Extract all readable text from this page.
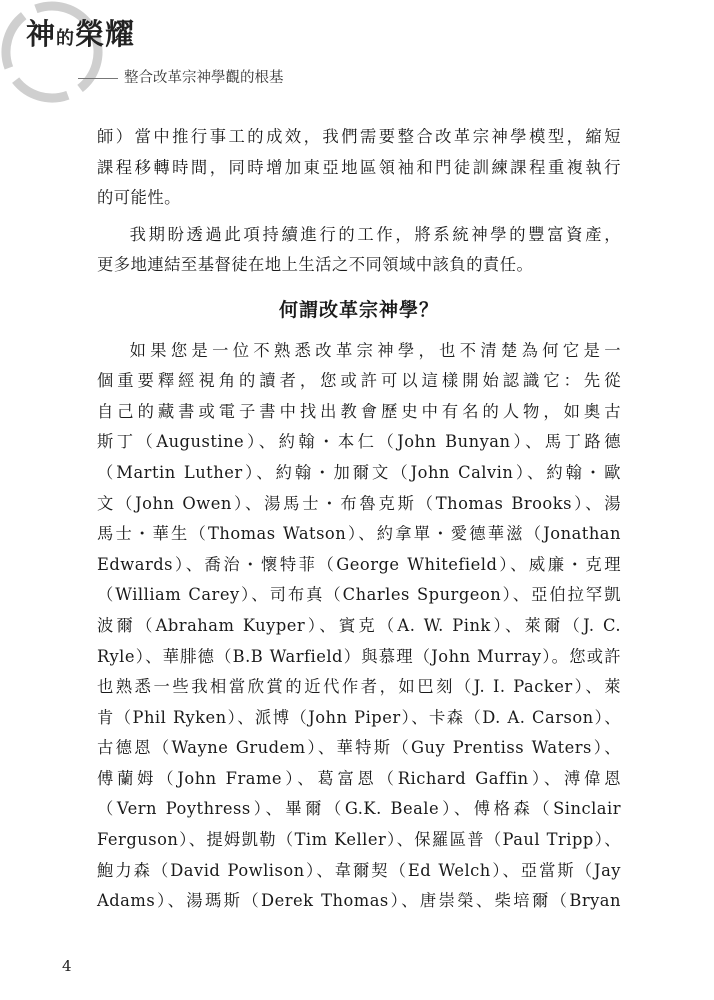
神的榮耀
整合改革宗神學觀的根基

師）當中推行事工的成效，我們需要整合改革宗神學模型，縮短
課程移轉時間，同時增加東亞地區領袖和門徒訓練課程重複執行
的可能性。

我期盼透過此項持續進行的工作，將系統神學的豐富資產，
更多地連結至基督徒在地上生活之不同領域中該負的責任。

何謂改革宗神學？

如果您是一位不熟悉改革宗神學，也不清楚為何它是一
個重要釋經視角的讀者，您或許可以這樣開始認識它：先從
自己的藏書或電子書中找出教會歷史中有名的人物，如奧古
斯丁（Augustine）、約翰・本仁（John Bunyan）、馬丁路德
（Martin Luther）、約翰・加爾文（John Calvin）、約翰・歐
文（John Owen）、湯馬士・布魯克斯（Thomas Brooks）、湯
馬士・華生（Thomas Watson）、約拿單・愛德華滋（Jonathan
Edwards）、喬治・懷特菲（George Whitefield）、威廉・克理
（William Carey）、司布真（Charles Spurgeon）、亞伯拉罕凱
波爾（Abraham Kuyper）、賓克（A. W. Pink）、萊爾（J. C.
Ryle）、華腓德（B.B Warfield）與慕理（John Murray）。您或許
也熟悉一些我相當欣賞的近代作者，如巴刻（J. I. Packer）、萊
肯（Phil Ryken）、派博（John Piper）、卡森（D. A. Carson）、
古德恩（Wayne Grudem）、華特斯（Guy Prentiss Waters）、
傅蘭姆（John Frame）、葛富恩（Richard Gaffin）、溥偉恩
（Vern Poythress）、畢爾（G.K. Beale）、傅格森（Sinclair
Ferguson）、提姆凱勒（Tim Keller）、保羅區普（Paul Tripp）、
鮑力森（David Powlison）、韋爾契（Ed Welch）、亞當斯（Jay
Adams）、湯瑪斯（Derek Thomas）、唐崇榮、柴培爾（Bryan

4
